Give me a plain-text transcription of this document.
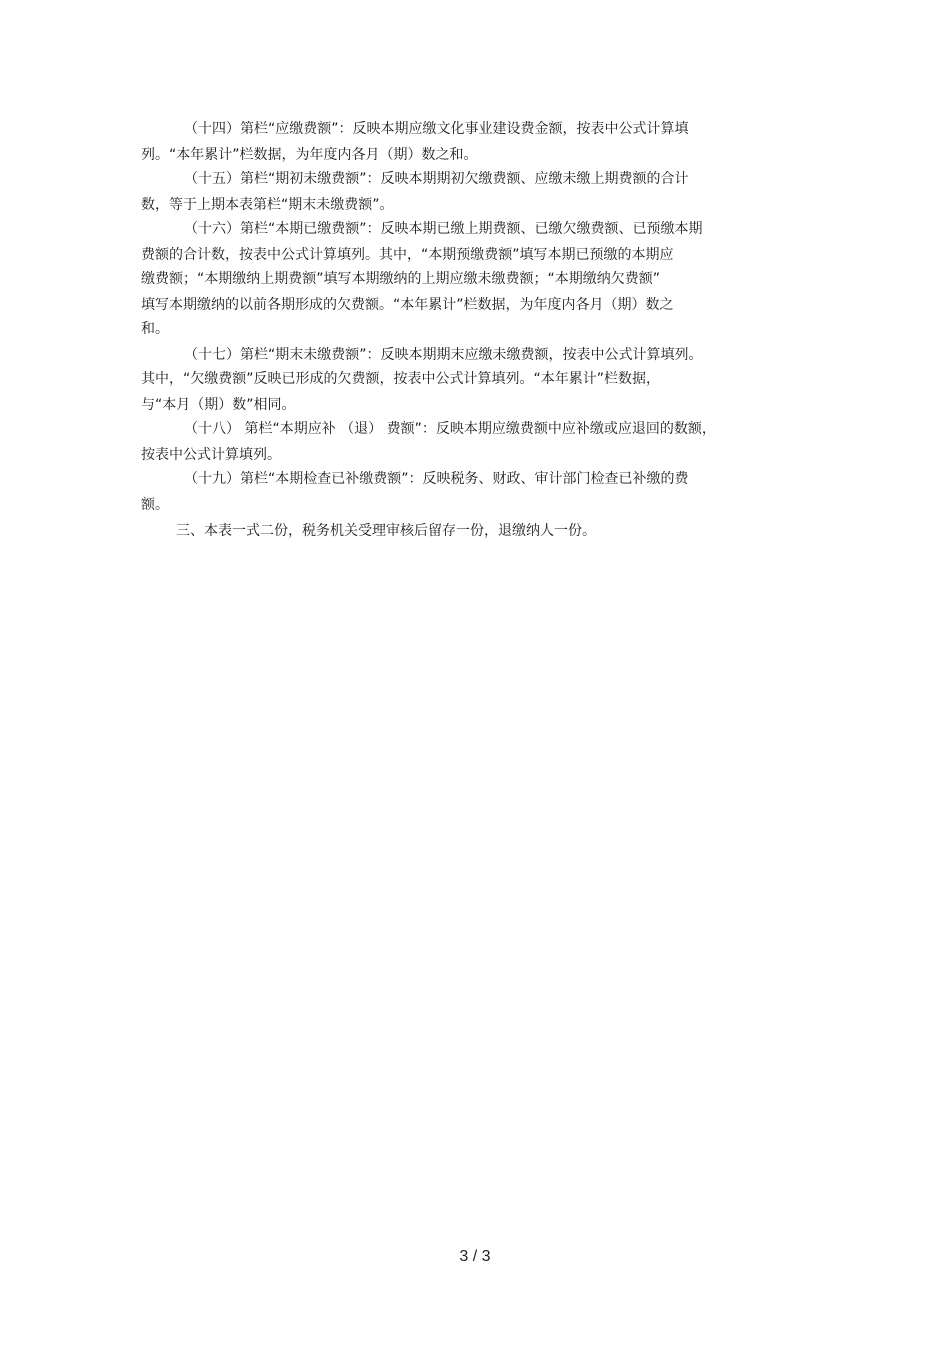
（十四）第栏“应缴费额”：反映本期应缴文化事业建设费金额，按表中公式计算填
列。“本年累计”栏数据，为年度内各月（期）数之和。
（十五）第栏“期初未缴费额”：反映本期期初欠缴费额、应缴未缴上期费额的合计
数，等于上期本表第栏“期末未缴费额”。
（十六）第栏“本期已缴费额”：反映本期已缴上期费额、已缴欠缴费额、已预缴本期
费额的合计数，按表中公式计算填列。其中，“本期预缴费额”填写本期已预缴的本期应
缴费额；“本期缴纳上期费额”填写本期缴纳的上期应缴未缴费额；“本期缴纳欠费额”
填写本期缴纳的以前各期形成的欠费额。“本年累计”栏数据，为年度内各月（期）数之
和。
（十七）第栏“期末未缴费额”：反映本期期末应缴未缴费额，按表中公式计算填列。
其中，“欠缴费额”反映已形成的欠费额，按表中公式计算填列。“本年累计”栏数据，
与“本月（期）数”相同。
（十八） 第栏“本期应补 （退） 费额”：反映本期应缴费额中应补缴或应退回的数额，
按表中公式计算填列。
（十九）第栏“本期检查已补缴费额”：反映税务、财政、审计部门检查已补缴的费
额。
三、本表一式二份，税务机关受理审核后留存一份，退缴纳人一份。
3 / 3
